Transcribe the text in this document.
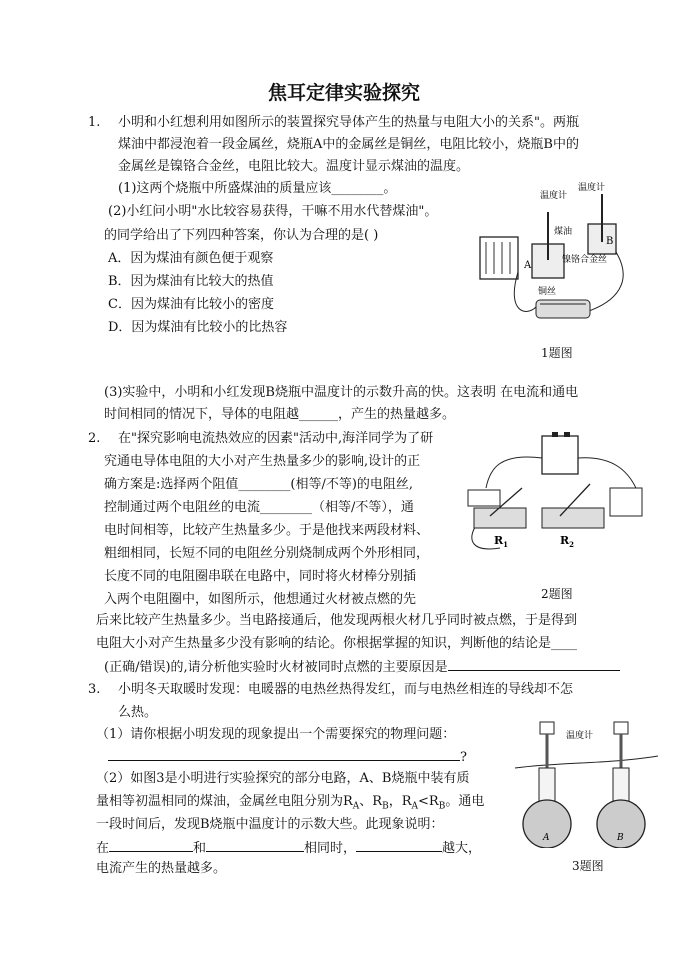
焦耳定律实验探究
1. 小明和小红想利用如图所示的装置探究导体产生的热量与电阻大小的关系"。两瓶
煤油中都浸泡着一段金属丝，烧瓶A中的金属丝是铜丝，电阻比较小，烧瓶B中的
金属丝是镍铬合金丝，电阻比较大。温度计显示煤油的温度。
(1)这两个烧瓶中所盛煤油的质量应该________。
(2)小红问小明"水比较容易获得，干嘛不用水代替煤油"。
的同学给出了下列四种答案，你认为合理的是( )
A．因为煤油有颜色便于观察
B．因为煤油有比较大的热值
C．因为煤油有比较小的密度
D．因为煤油有比较小的比热容
温度计
温度计
煤油
镍铬合金丝
铜丝
A
B
1题图
(3)实验中，小明和小红发现B烧瓶中温度计的示数升高的快。这表明 在电流和通电
时间相同的情况下，导体的电阻越______，产生的热量越多。
2. 在"探究影响电流热效应的因素"活动中,海洋同学为了研
究通电导体电阻的大小对产生热量多少的影响,设计的正
确方案是:选择两个阻值________(相等/不等)的电阻丝,
控制通过两个电阻丝的电流________（相等/不等），通
电时间相等，比较产生热量多少。于是他找来两段材料、
粗细相同，长短不同的电阻丝分别烧制成两个外形相同，
长度不同的电阻圈串联在电路中，同时将火材棒分别插
入两个电阻圈中，如图所示，他想通过火材被点燃的先
后来比较产生热量多少。当电路接通后，他发现两根火材几乎同时被点燃，于是得到
电阻大小对产生热量多少没有影响的结论。你根据掌握的知识，判断他的结论是____
(正确/错误)的,请分析他实验时火材被同时点燃的主要原因是
$R_1$	$R_2$
2题图
3. 小明冬天取暖时发现：电暖器的电热丝热得发红，而与电热丝相连的导线却不怎
么热。
（1）请你根据小明发现的现象提出一个需要探究的物理问题：
?
（2）如图3是小明进行实验探究的部分电路，A、B烧瓶中装有质
量相等初温相同的煤油，金属丝电阻分别为$R_A$、$R_B$，$R_A<R_B$。通电
一段时间后，发现B烧瓶中温度计的示数大些。此现象说明：
在	和	相同时，	越大，
电流产生的热量越多。
温度计
A	B
3题图
